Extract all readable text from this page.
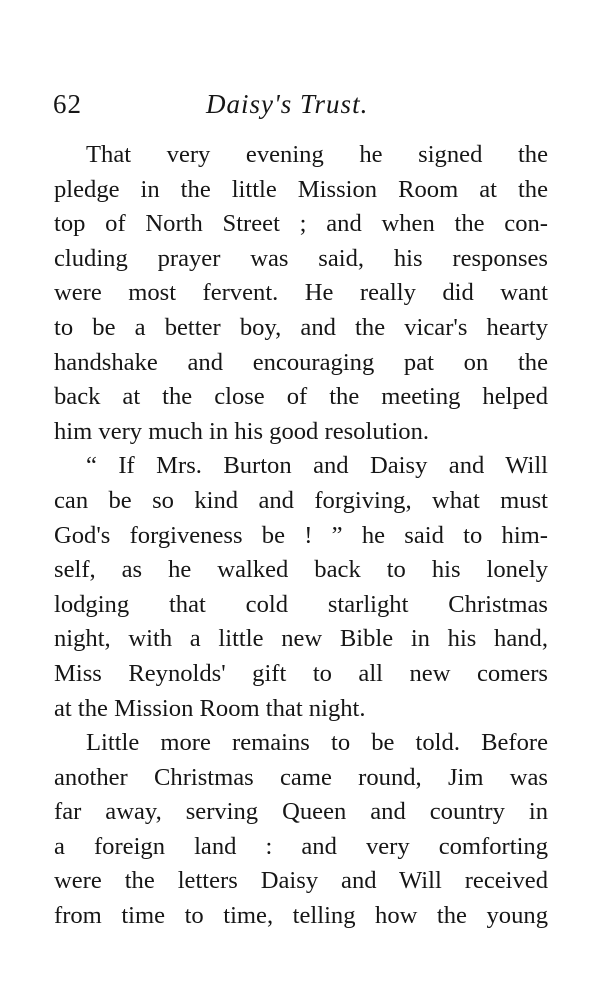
62	Daisy's Trust.
That very evening he signed the
pledge in the little Mission Room at the
top of North Street ; and when the con-
cluding prayer was said, his responses
were most fervent. He really did want
to be a better boy, and the vicar's hearty
handshake and encouraging pat on the
back at the close of the meeting helped
him very much in his good resolution.
“ If Mrs. Burton and Daisy and Will
can be so kind and forgiving, what must
God's forgiveness be ! ” he said to him-
self, as he walked back to his lonely
lodging that cold starlight Christmas
night, with a little new Bible in his hand,
Miss Reynolds' gift to all new comers
at the Mission Room that night.
Little more remains to be told. Before
another Christmas came round, Jim was
far away, serving Queen and country in
a foreign land : and very comforting
were the letters Daisy and Will received
from time to time, telling how the young
